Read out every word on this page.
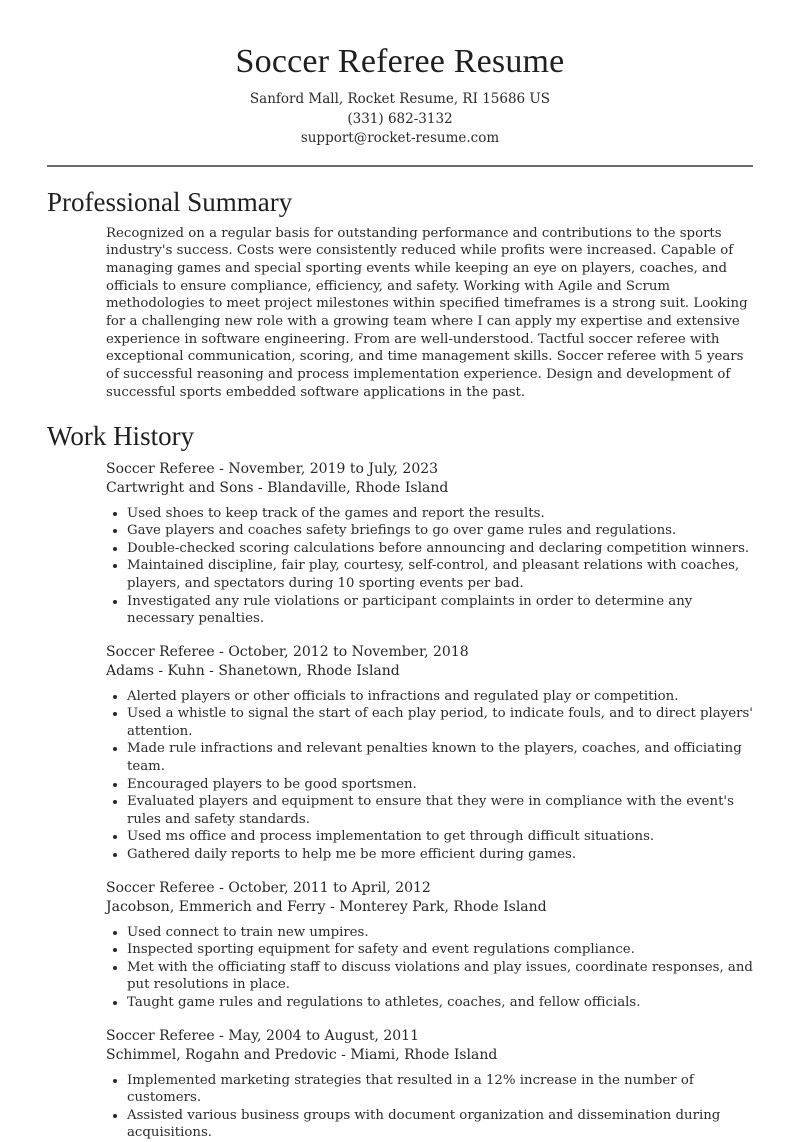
Soccer Referee Resume
Sanford Mall, Rocket Resume, RI 15686 US
(331) 682-3132
support@rocket-resume.com
Professional Summary
Recognized on a regular basis for outstanding performance and contributions to the sports industry's success. Costs were consistently reduced while profits were increased. Capable of managing games and special sporting events while keeping an eye on players, coaches, and officials to ensure compliance, efficiency, and safety. Working with Agile and Scrum methodologies to meet project milestones within specified timeframes is a strong suit. Looking for a challenging new role with a growing team where I can apply my expertise and extensive experience in software engineering. From are well-understood. Tactful soccer referee with exceptional communication, scoring, and time management skills. Soccer referee with 5 years of successful reasoning and process implementation experience. Design and development of successful sports embedded software applications in the past.
Work History
Soccer Referee - November, 2019 to July, 2023
Cartwright and Sons - Blandaville, Rhode Island
• Used shoes to keep track of the games and report the results.
• Gave players and coaches safety briefings to go over game rules and regulations.
• Double-checked scoring calculations before announcing and declaring competition winners.
• Maintained discipline, fair play, courtesy, self-control, and pleasant relations with coaches, players, and spectators during 10 sporting events per bad.
• Investigated any rule violations or participant complaints in order to determine any necessary penalties.
Soccer Referee - October, 2012 to November, 2018
Adams - Kuhn - Shanetown, Rhode Island
• Alerted players or other officials to infractions and regulated play or competition.
• Used a whistle to signal the start of each play period, to indicate fouls, and to direct players' attention.
• Made rule infractions and relevant penalties known to the players, coaches, and officiating team.
• Encouraged players to be good sportsmen.
• Evaluated players and equipment to ensure that they were in compliance with the event's rules and safety standards.
• Used ms office and process implementation to get through difficult situations.
• Gathered daily reports to help me be more efficient during games.
Soccer Referee - October, 2011 to April, 2012
Jacobson, Emmerich and Ferry - Monterey Park, Rhode Island
• Used connect to train new umpires.
• Inspected sporting equipment for safety and event regulations compliance.
• Met with the officiating staff to discuss violations and play issues, coordinate responses, and put resolutions in place.
• Taught game rules and regulations to athletes, coaches, and fellow officials.
Soccer Referee - May, 2004 to August, 2011
Schimmel, Rogahn and Predovic - Miami, Rhode Island
• Implemented marketing strategies that resulted in a 12% increase in the number of customers.
• Assisted various business groups with document organization and dissemination during acquisitions.
